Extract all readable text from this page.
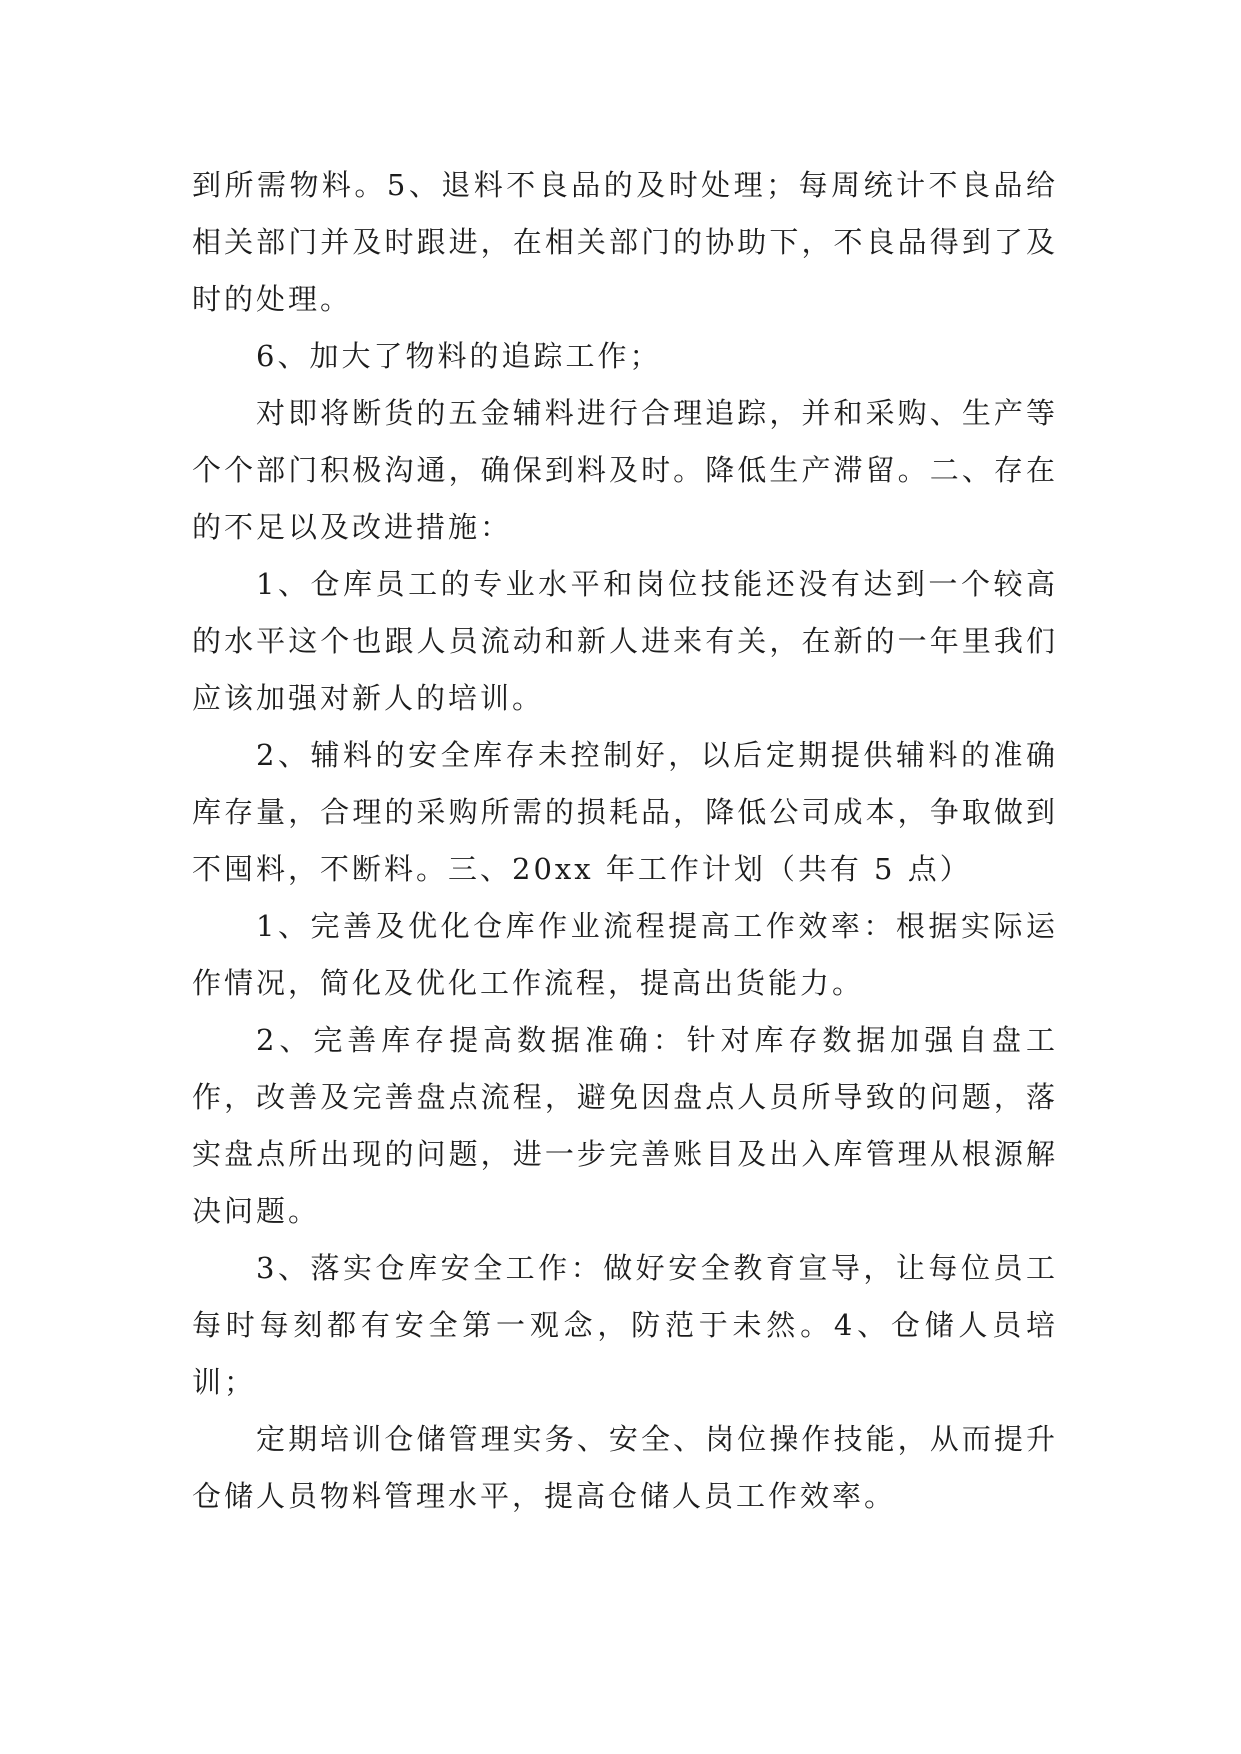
到所需物料。5、退料不良品的及时处理；每周统计不良品给相关部门并及时跟进，在相关部门的协助下，不良品得到了及时的处理。

6、加大了物料的追踪工作；

对即将断货的五金辅料进行合理追踪，并和采购、生产等个个部门积极沟通，确保到料及时。降低生产滞留。二、存在的不足以及改进措施：

1、仓库员工的专业水平和岗位技能还没有达到一个较高的水平这个也跟人员流动和新人进来有关，在新的一年里我们应该加强对新人的培训。

2、辅料的安全库存未控制好，以后定期提供辅料的准确库存量，合理的采购所需的损耗品，降低公司成本，争取做到不囤料，不断料。三、20xx 年工作计划（共有 5 点）

1、完善及优化仓库作业流程提高工作效率：根据实际运作情况，简化及优化工作流程，提高出货能力。

2、完善库存提高数据准确：针对库存数据加强自盘工作，改善及完善盘点流程，避免因盘点人员所导致的问题，落实盘点所出现的问题，进一步完善账目及出入库管理从根源解决问题。

3、落实仓库安全工作：做好安全教育宣导，让每位员工每时每刻都有安全第一观念，防范于未然。4、仓储人员培训；

定期培训仓储管理实务、安全、岗位操作技能，从而提升仓储人员物料管理水平，提高仓储人员工作效率。
